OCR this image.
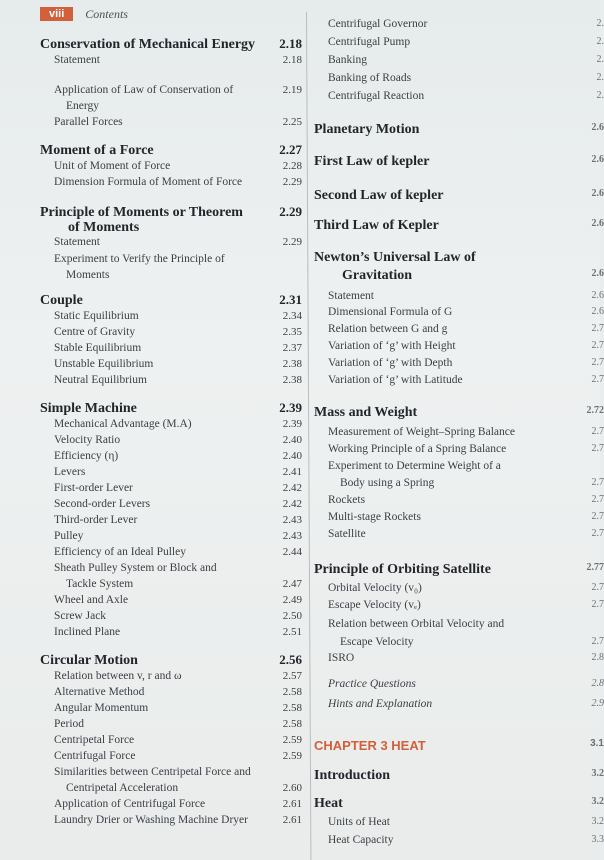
viii	Contents
Conservation of Mechanical Energy	2.18
Statement	2.18
Application of Law of Conservation of	2.19
Energy
Parallel Forces	2.25
Moment of a Force	2.27
Unit of Moment of Force	2.28
Dimension Formula of Moment of Force	2.29
Principle of Moments or Theorem	2.29
of Moments
Statement	2.29
Experiment to Verify the Principle of
Moments
Couple	2.31
Static Equilibrium	2.34
Centre of Gravity	2.35
Stable Equilibrium	2.37
Unstable Equilibrium	2.38
Neutral Equilibrium	2.38
Simple Machine	2.39
Mechanical Advantage (M.A)	2.39
Velocity Ratio	2.40
Efficiency (η)	2.40
Levers	2.41
First-order Lever	2.42
Second-order Levers	2.42
Third-order Lever	2.43
Pulley	2.43
Efficiency of an Ideal Pulley	2.44
Sheath Pulley System or Block and
Tackle System	2.47
Wheel and Axle	2.49
Screw Jack	2.50
Inclined Plane	2.51
Circular Motion	2.56
Relation between v, r and ω	2.57
Alternative Method	2.58
Angular Momentum	2.58
Period	2.58
Centripetal Force	2.59
Centrifugal Force	2.59
Similarities between Centripetal Force and
Centripetal Acceleration	2.60
Application of Centrifugal Force	2.61
Laundry Drier or Washing Machine Dryer	2.61
Centrifugal Governor	2.
Centrifugal Pump	2.
Banking	2.
Banking of Roads	2.
Centrifugal Reaction	2.
Planetary Motion	2.6
First Law of kepler	2.6
Second Law of kepler	2.6
Third Law of Kepler	2.6
Newton’s Universal Law of
Gravitation	2.6
Statement	2.6
Dimensional Formula of G	2.6
Relation between G and g	2.7
Variation of ‘g’ with Height	2.7
Variation of ‘g’ with Depth	2.7
Variation of ‘g’ with Latitude	2.7
Mass and Weight	2.72
Measurement of Weight–Spring Balance	2.7
Working Principle of a Spring Balance	2.7
Experiment to Determine Weight of a
Body using a Spring	2.7
Rockets	2.7
Multi-stage Rockets	2.7
Satellite	2.7
Principle of Orbiting Satellite	2.77
Orbital Velocity (v₀)	2.7
Escape Velocity (vₑ)	2.7
Relation between Orbital Velocity and
Escape Velocity	2.7
ISRO	2.8
Practice Questions	2.8
Hints and Explanation	2.9
CHAPTER 3 HEAT	3.1
Introduction	3.2
Heat	3.2
Units of Heat	3.2
Heat Capacity	3.3
